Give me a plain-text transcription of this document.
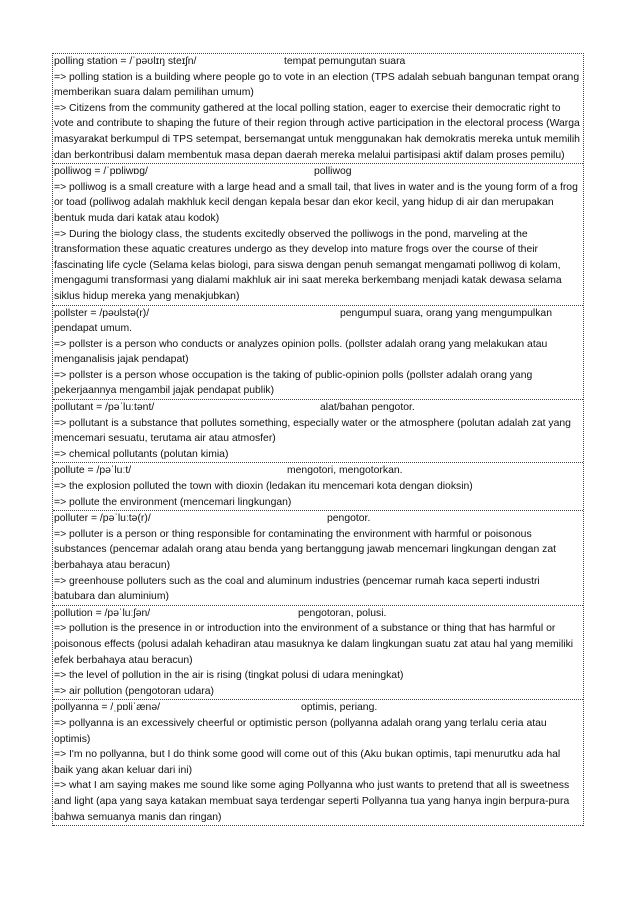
polling station = /ˈpəʊlɪŋ steɪʃn/	tempat pemungutan suara

=> polling station is a building where people go to vote in an election (TPS adalah sebuah bangunan tempat orang memberikan suara dalam pemilihan umum)

=> Citizens from the community gathered at the local polling station, eager to exercise their democratic right to vote and contribute to shaping the future of their region through active participation in the electoral process (Warga masyarakat berkumpul di TPS setempat, bersemangat untuk menggunakan hak demokratis mereka untuk memilih dan berkontribusi dalam membentuk masa depan daerah mereka melalui partisipasi aktif dalam proses pemilu)

polliwog = /ˈpɒliwɒg/	polliwog

=> polliwog is a small creature with a large head and a small tail, that lives in water and is the young form of a frog or toad (polliwog adalah makhluk kecil dengan kepala besar dan ekor kecil, yang hidup di air dan merupakan bentuk muda dari katak atau kodok)

=> During the biology class, the students excitedly observed the polliwogs in the pond, marveling at the transformation these aquatic creatures undergo as they develop into mature frogs over the course of their fascinating life cycle (Selama kelas biologi, para siswa dengan penuh semangat mengamati polliwog di kolam, mengagumi transformasi yang dialami makhluk air ini saat mereka berkembang menjadi katak dewasa selama siklus hidup mereka yang menakjubkan)

pollster = /pəʊlstə(r)/	pengumpul suara, orang yang mengumpulkan pendapat umum.

=> pollster is a person who conducts or analyzes opinion polls. (pollster adalah orang yang melakukan atau menganalisis jajak pendapat)

=> pollster is a person whose occupation is the taking of public-opinion polls (pollster adalah orang yang pekerjaannya mengambil jajak pendapat publik)

pollutant = /pəˈluːtənt/	alat/bahan pengotor.

=> pollutant is a substance that pollutes something, especially water or the atmosphere (polutan adalah zat yang mencemari sesuatu, terutama air atau atmosfer)

=> chemical pollutants (polutan kimia)

pollute = /pəˈluːt/	mengotori, mengotorkan.

=> the explosion polluted the town with dioxin (ledakan itu mencemari kota dengan dioksin)

=> pollute the environment (mencemari lingkungan)

polluter = /pəˈluːtə(r)/	pengotor.

=> polluter is a person or thing responsible for contaminating the environment with harmful or poisonous substances (pencemar adalah orang atau benda yang bertanggung jawab mencemari lingkungan dengan zat berbahaya atau beracun)

=> greenhouse polluters such as the coal and aluminum industries (pencemar rumah kaca seperti industri batubara dan aluminium)

pollution = /pəˈluːʃən/	pengotoran, polusi.

=> pollution is the presence in or introduction into the environment of a substance or thing that has harmful or poisonous effects (polusi adalah kehadiran atau masuknya ke dalam lingkungan suatu zat atau hal yang memiliki efek berbahaya atau beracun)

=> the level of pollution in the air is rising (tingkat polusi di udara meningkat)

=> air pollution (pengotoran udara)

pollyanna = /ˌpɒliˈænə/	optimis, periang.

=> pollyanna is an excessively cheerful or optimistic person (pollyanna adalah orang yang terlalu ceria atau optimis)

=> I'm no pollyanna, but I do think some good will come out of this (Aku bukan optimis, tapi menurutku ada hal baik yang akan keluar dari ini)

=> what I am saying makes me sound like some aging Pollyanna who just wants to pretend that all is sweetness and light (apa yang saya katakan membuat saya terdengar seperti Pollyanna tua yang hanya ingin berpura-pura bahwa semuanya manis dan ringan)
